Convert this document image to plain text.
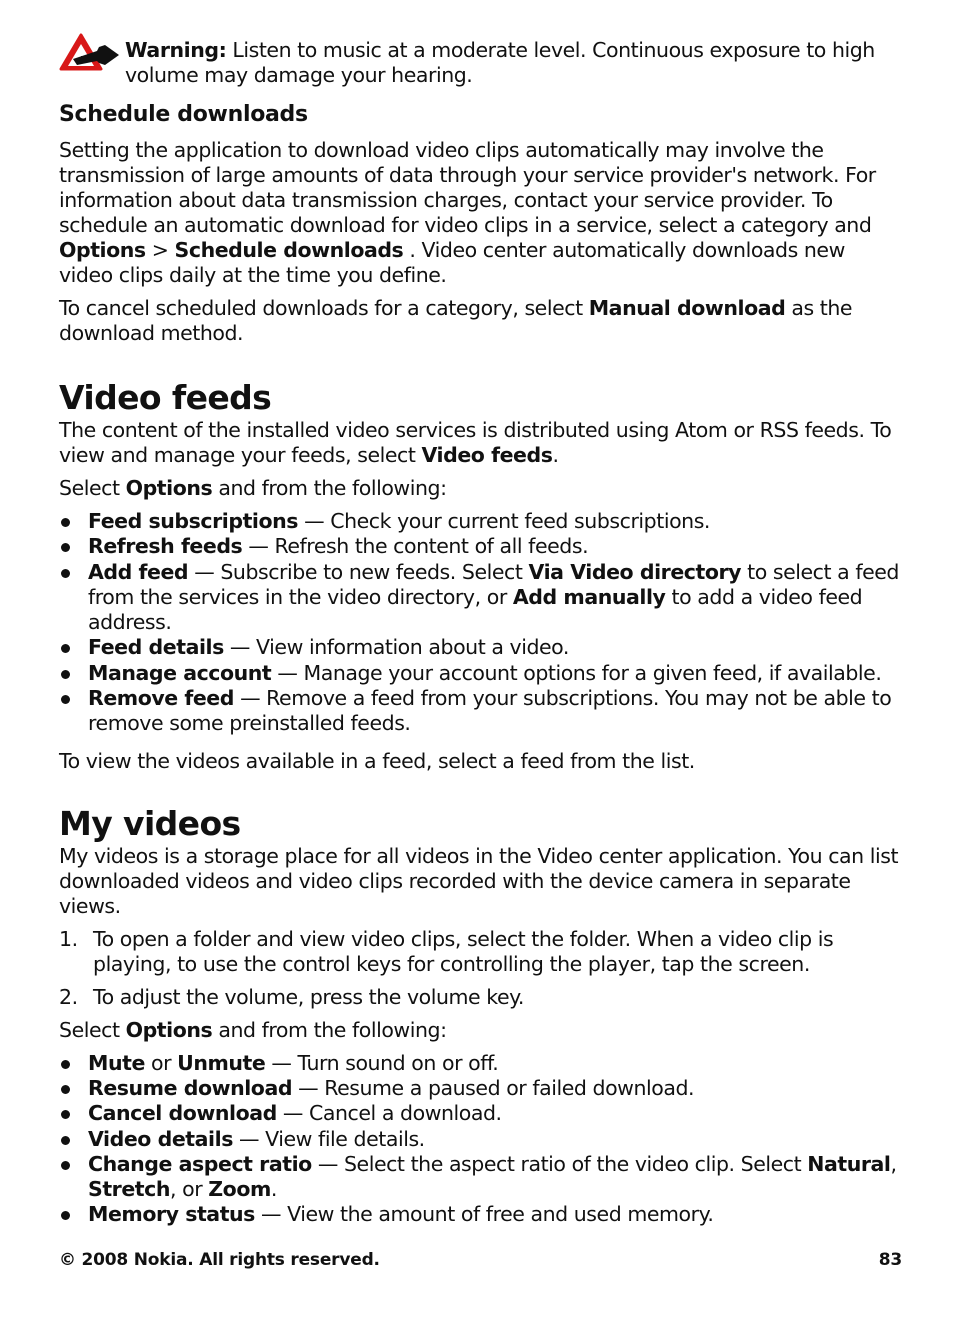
Warning: Listen to music at a moderate level. Continuous exposure to high volume may damage your hearing.

Schedule downloads

Setting the application to download video clips automatically may involve the transmission of large amounts of data through your service provider's network. For information about data transmission charges, contact your service provider. To schedule an automatic download for video clips in a service, select a category and Options > Schedule downloads . Video center automatically downloads new video clips daily at the time you define.

To cancel scheduled downloads for a category, select Manual download as the download method.

Video feeds

The content of the installed video services is distributed using Atom or RSS feeds. To view and manage your feeds, select Video feeds.

Select Options and from the following:

Feed subscriptions — Check your current feed subscriptions.
Refresh feeds — Refresh the content of all feeds.
Add feed — Subscribe to new feeds. Select Via Video directory to select a feed from the services in the video directory, or Add manually to add a video feed address.
Feed details — View information about a video.
Manage account — Manage your account options for a given feed, if available.
Remove feed — Remove a feed from your subscriptions. You may not be able to remove some preinstalled feeds.

To view the videos available in a feed, select a feed from the list.

My videos

My videos is a storage place for all videos in the Video center application. You can list downloaded videos and video clips recorded with the device camera in separate views.

1. To open a folder and view video clips, select the folder. When a video clip is playing, to use the control keys for controlling the player, tap the screen.
2. To adjust the volume, press the volume key.

Select Options and from the following:

Mute or Unmute — Turn sound on or off.
Resume download — Resume a paused or failed download.
Cancel download — Cancel a download.
Video details — View file details.
Change aspect ratio — Select the aspect ratio of the video clip. Select Natural, Stretch, or Zoom.
Memory status — View the amount of free and used memory.
© 2008 Nokia. All rights reserved.	83
